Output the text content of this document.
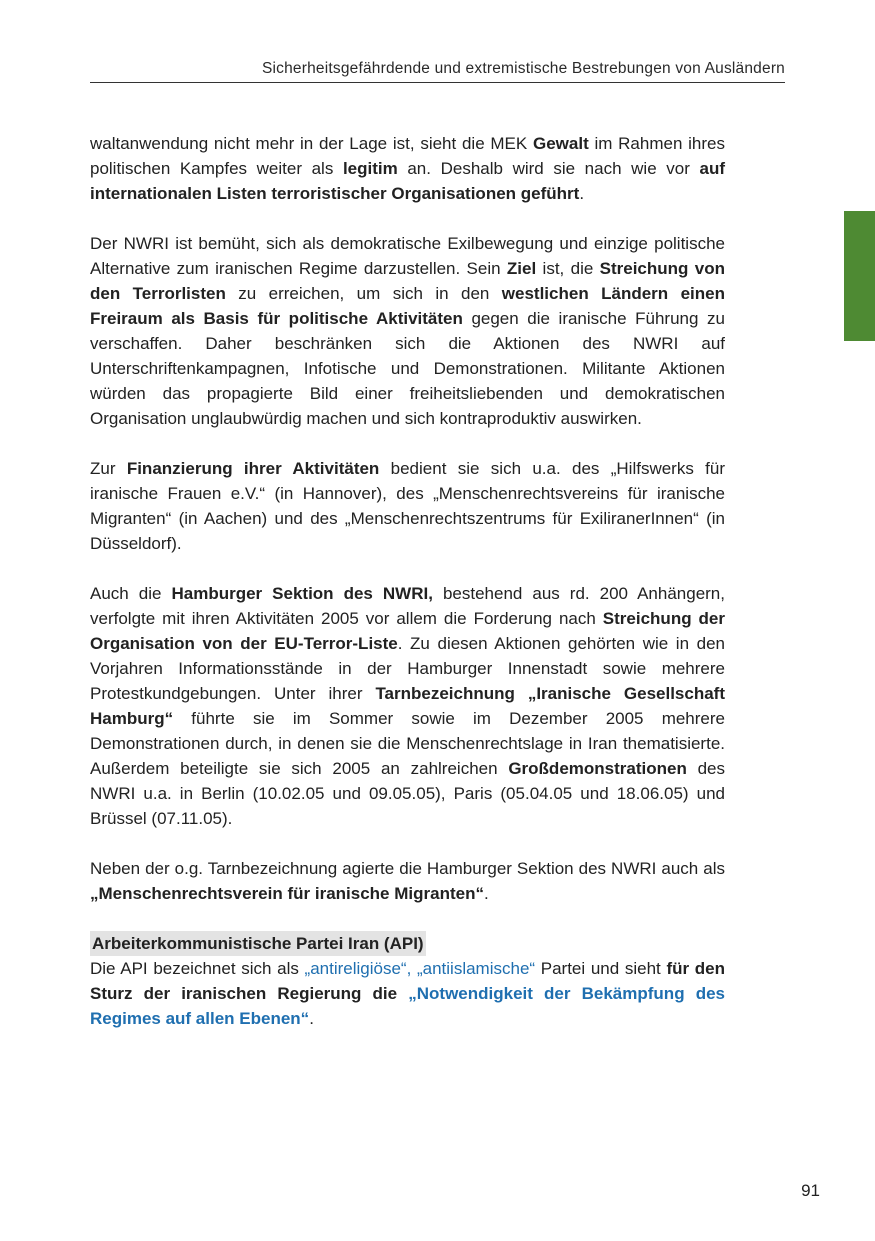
Sicherheitsgefährdende und extremistische Bestrebungen von Ausländern

waltanwendung nicht mehr in der Lage ist, sieht die MEK Gewalt im Rahmen ihres politischen Kampfes weiter als legitim an. Deshalb wird sie nach wie vor auf internationalen Listen terroristischer Organisationen geführt.

Der NWRI ist bemüht, sich als demokratische Exilbewegung und einzige politische Alternative zum iranischen Regime darzustellen. Sein Ziel ist, die Streichung von den Terrorlisten zu erreichen, um sich in den westlichen Ländern einen Freiraum als Basis für politische Aktivitäten gegen die iranische Führung zu verschaffen. Daher beschränken sich die Aktionen des NWRI auf Unterschriftenkampagnen, Infotische und Demonstrationen. Militante Aktionen würden das propagierte Bild einer freiheitsliebenden und demokratischen Organisation unglaubwürdig machen und sich kontraproduktiv auswirken.

Zur Finanzierung ihrer Aktivitäten bedient sie sich u.a. des „Hilfswerks für iranische Frauen e.V.“ (in Hannover), des „Menschenrechtsvereins für iranische Migranten“ (in Aachen) und des „Menschenrechtszentrums für ExiliranerInnen“ (in Düsseldorf).

Auch die Hamburger Sektion des NWRI, bestehend aus rd. 200 Anhängern, verfolgte mit ihren Aktivitäten 2005 vor allem die Forderung nach Streichung der Organisation von der EU-Terror-Liste. Zu diesen Aktionen gehörten wie in den Vorjahren Informationsstände in der Hamburger Innenstadt sowie mehrere Protestkundgebungen. Unter ihrer Tarnbezeichnung „Iranische Gesellschaft Hamburg“ führte sie im Sommer sowie im Dezember 2005 mehrere Demonstrationen durch, in denen sie die Menschenrechtslage in Iran thematisierte. Außerdem beteiligte sie sich 2005 an zahlreichen Großdemonstrationen des NWRI u.a. in Berlin (10.02.05 und 09.05.05), Paris (05.04.05 und 18.06.05) und Brüssel (07.11.05).

Neben der o.g. Tarnbezeichnung agierte die Hamburger Sektion des NWRI auch als „Menschenrechtsverein für iranische Migranten“.

Arbeiterkommunistische Partei Iran (API)

Die API bezeichnet sich als „antireligiöse“, „antiislamische“ Partei und sieht für den Sturz der iranischen Regierung die „Notwendigkeit der Bekämpfung des Regimes auf allen Ebenen“.

91
